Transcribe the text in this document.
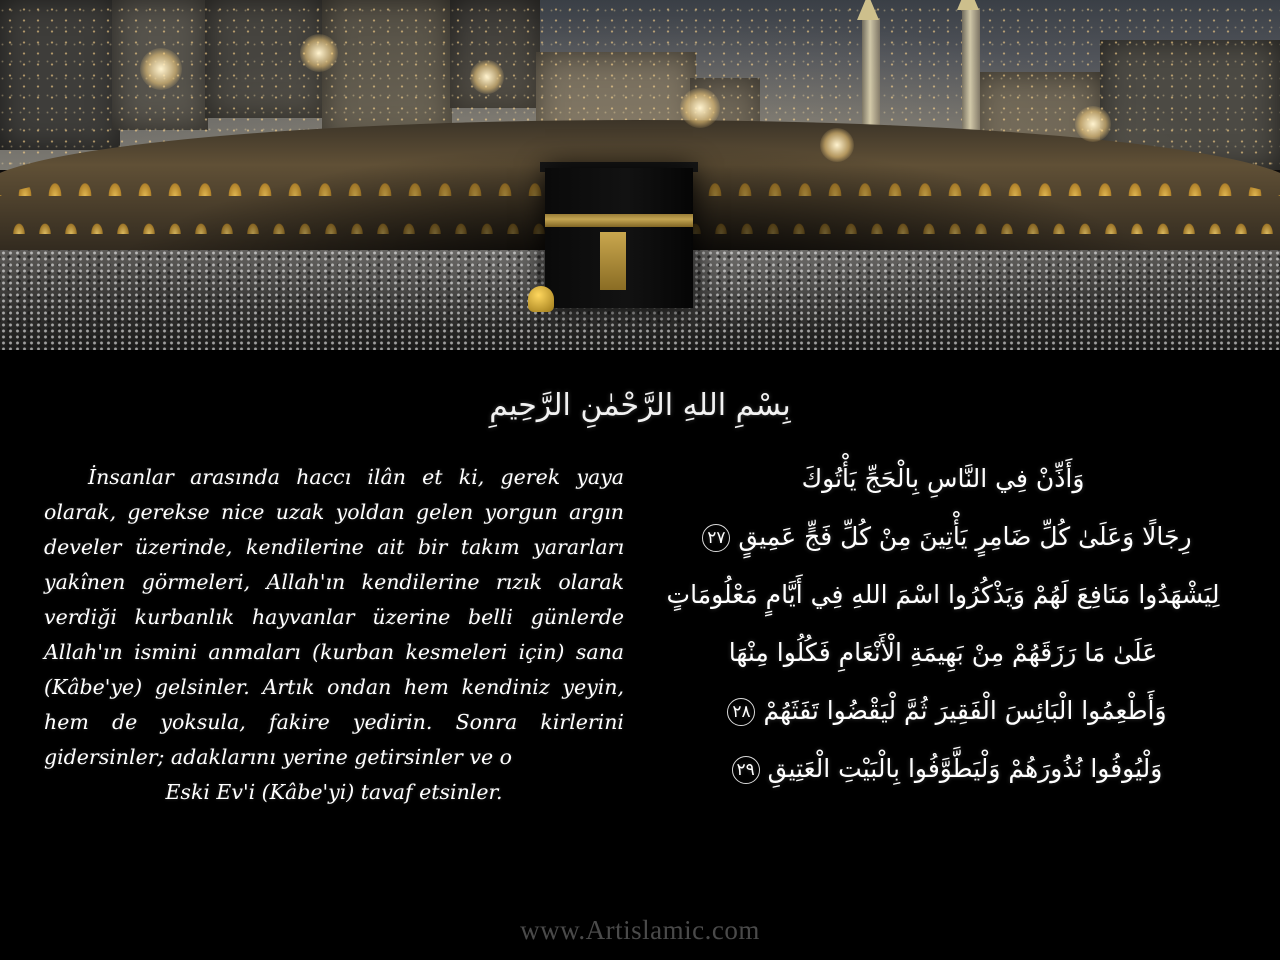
بِسْمِ اللهِ الرَّحْمٰنِ الرَّحِيمِ
İnsanlar arasında haccı ilân et ki, gerek yaya olarak, gerekse nice uzak yoldan gelen yorgun argın develer üzerinde, kendilerine ait bir takım yararları yakînen görmeleri, Allah'ın kendilerine rızık olarak verdiği kurbanlık hayvanlar üzerine belli günlerde Allah'ın ismini anmaları (kurban kesmeleri için) sana (Kâbe'ye) gelsinler. Artık ondan hem kendiniz yeyin, hem de yoksula, fakire yedirin. Sonra kirlerini gidersinler; adaklarını yerine getirsinler ve o
Eski Ev'i (Kâbe'yi) tavaf etsinler.
وَأَذِّنْ فِي النَّاسِ بِالْحَجِّ يَأْتُوكَ
رِجَالًا وَعَلَىٰ كُلِّ ضَامِرٍ يَأْتِينَ مِنْ كُلِّ فَجٍّ عَمِيقٍ٢٧
لِيَشْهَدُوا مَنَافِعَ لَهُمْ وَيَذْكُرُوا اسْمَ اللهِ فِي أَيَّامٍ مَعْلُومَاتٍ
عَلَىٰ مَا رَزَقَهُمْ مِنْ بَهِيمَةِ الْأَنْعَامِ فَكُلُوا مِنْهَا
وَأَطْعِمُوا الْبَائِسَ الْفَقِيرَ ثُمَّ لْيَقْضُوا تَفَثَهُمْ٢٨
وَلْيُوفُوا نُذُورَهُمْ وَلْيَطَّوَّفُوا بِالْبَيْتِ الْعَتِيقِ٢٩
www.Artislamic.com
